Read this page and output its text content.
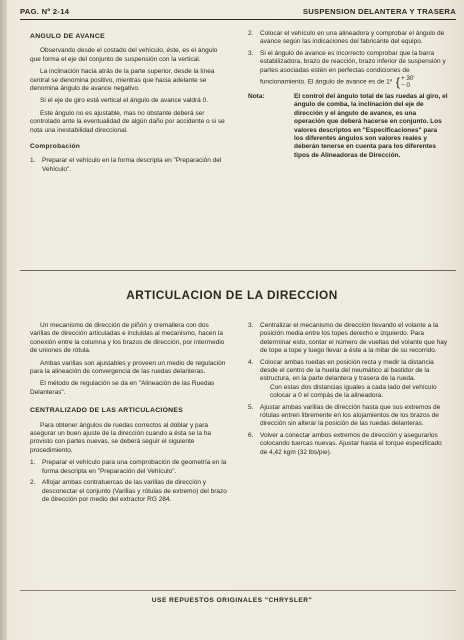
PAG. Nº 2-14	SUSPENSION DELANTERA Y TRASERA
ANGULO DE AVANCE

Observando desde el costado del vehículo, éste, es el ángulo que forma el eje del conjunto de suspensión con la vertical.

La inclinación hacia atrás de la parte superior, desde la línea central se denomina positivo, mientras que hacia adelante se denomina ángulo de avance negativo.

Si el eje de giro está vertical el ángulo de avance valdrá 0.

Este ángulo no es ajustable, mas no obstante deberá ser controlado ante la eventualidad de algún daño por accidente o si se nota una inestabilidad direccional.

Comprobación
1. Preparar el vehículo en la forma descripta en "Preparación del Vehículo".
2. Colocar el vehículo en una alineadora y comprobar el ángulo de avance según las indicaciones del fabricante del equipo.
3. Si el ángulo de avance es incorrecto comprobar que la barra estabilizadora, brazo de reacción, brazo inferior de suspensión y partes asociadas estén en perfectas condiciones de funcionamiento. El ángulo de avance es de 1º { + 30'
− 0
Nota:	El control del ángulo total de las ruedas al giro, el ángulo de comba, la inclinación del eje de dirección y el ángulo de avance, es una operación que deberá hacerse en conjunto. Los valores descriptos en "Especificaciones" para los diferentes ángulos son valores reales y deberán tenerse en cuenta para los diferentes tipos de Alineadoras de Dirección.
ARTICULACION DE LA DIRECCION

Un mecanismo de dirección de piñón y cremallera con dos varillas de dirección articuladas e incluidas al mecanismo, hacen la conexión entre la columna y los brazos de dirección, por intermedio de uniones de rótula.

Ambas varillas son ajustables y proveen un medio de regulación para la alineación de convergencia de las ruedas delanteras.

El método de regulación se da en "Alineación de las Ruedas Delanteras".

CENTRALIZADO DE LAS ARTICULACIONES

Para obtener ángulos de ruedas correctos al doblar y para asegurar un buen ajuste de la dirección cuando a ésta se la ha provisto con partes nuevas, se deberá seguir el siguiente procedimiento.

1. Preparar el vehículo para una comprobación de geometría en la forma descripta en "Preparación del Vehículo".
2. Aflojar ambas contratuercas de las varillas de dirección y desconectar el conjunto (Varillas y rótulas de extremo) del brazo de dirección por medio del extractor RG 284.
3. Centralizar el mecanismo de dirección llevando el volante a la posición media entre los topes derecho e izquierdo. Para determinar esto, contar el número de vueltas del volante que hay de tope a tope y luego llevar a éste a la mitar de su recorrido.
4. Colocar ambas ruedas en posición recta y medir la distancia desde el centro de la huella del neumático al bastidor de la estructura, en la parte delantera y trasera de la rueda.
Con estas dos distancias iguales a cada lado del vehículo colocar a 0 el compás de la alineadora.
5. Ajustar ambas varillas de dirección hasta que sus extremos de rótulas entren libremente en los alojamientos de los brazos de dirección sin alterar la posición de las ruedas delanteras.
6. Volver a conectar ambos extremos de dirección y asegurarlos colocando tuercas nuevas. Ajustar hasta el torque especificado de 4,42 kgm (32 lbs/pie).
USE REPUESTOS ORIGINALES "CHRYSLER"
